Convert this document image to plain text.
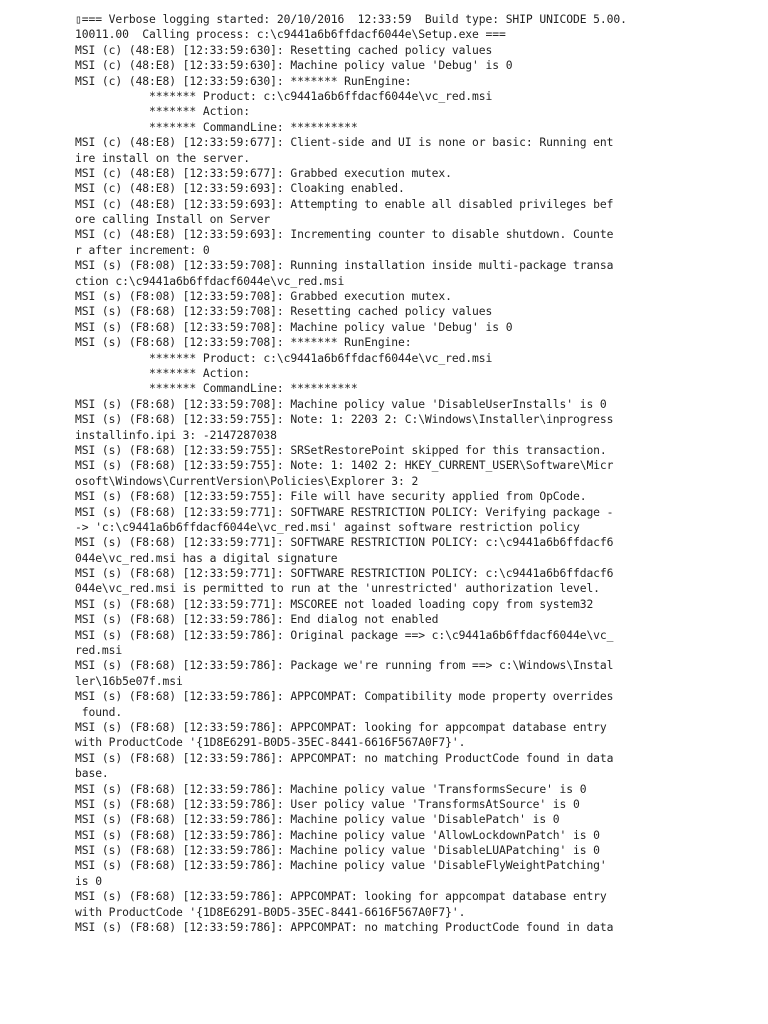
▯=== Verbose logging started: 20/10/2016  12:33:59  Build type: SHIP UNICODE 5.00.
10011.00  Calling process: c:\c9441a6b6ffdacf6044e\Setup.exe ===
MSI (c) (48:E8) [12:33:59:630]: Resetting cached policy values
MSI (c) (48:E8) [12:33:59:630]: Machine policy value 'Debug' is 0
MSI (c) (48:E8) [12:33:59:630]: ******* RunEngine:
******* Product: c:\c9441a6b6ffdacf6044e\vc_red.msi
******* Action:
******* CommandLine: **********
MSI (c) (48:E8) [12:33:59:677]: Client-side and UI is none or basic: Running ent
ire install on the server.
MSI (c) (48:E8) [12:33:59:677]: Grabbed execution mutex.
MSI (c) (48:E8) [12:33:59:693]: Cloaking enabled.
MSI (c) (48:E8) [12:33:59:693]: Attempting to enable all disabled privileges bef
ore calling Install on Server
MSI (c) (48:E8) [12:33:59:693]: Incrementing counter to disable shutdown. Counte
r after increment: 0
MSI (s) (F8:08) [12:33:59:708]: Running installation inside multi-package transa
ction c:\c9441a6b6ffdacf6044e\vc_red.msi
MSI (s) (F8:08) [12:33:59:708]: Grabbed execution mutex.
MSI (s) (F8:68) [12:33:59:708]: Resetting cached policy values
MSI (s) (F8:68) [12:33:59:708]: Machine policy value 'Debug' is 0
MSI (s) (F8:68) [12:33:59:708]: ******* RunEngine:
******* Product: c:\c9441a6b6ffdacf6044e\vc_red.msi
******* Action:
******* CommandLine: **********
MSI (s) (F8:68) [12:33:59:708]: Machine policy value 'DisableUserInstalls' is 0
MSI (s) (F8:68) [12:33:59:755]: Note: 1: 2203 2: C:\Windows\Installer\inprogress
installinfo.ipi 3: -2147287038
MSI (s) (F8:68) [12:33:59:755]: SRSetRestorePoint skipped for this transaction.
MSI (s) (F8:68) [12:33:59:755]: Note: 1: 1402 2: HKEY_CURRENT_USER\Software\Micr
osoft\Windows\CurrentVersion\Policies\Explorer 3: 2
MSI (s) (F8:68) [12:33:59:755]: File will have security applied from OpCode.
MSI (s) (F8:68) [12:33:59:771]: SOFTWARE RESTRICTION POLICY: Verifying package -
-> 'c:\c9441a6b6ffdacf6044e\vc_red.msi' against software restriction policy
MSI (s) (F8:68) [12:33:59:771]: SOFTWARE RESTRICTION POLICY: c:\c9441a6b6ffdacf6
044e\vc_red.msi has a digital signature
MSI (s) (F8:68) [12:33:59:771]: SOFTWARE RESTRICTION POLICY: c:\c9441a6b6ffdacf6
044e\vc_red.msi is permitted to run at the 'unrestricted' authorization level.
MSI (s) (F8:68) [12:33:59:771]: MSCOREE not loaded loading copy from system32
MSI (s) (F8:68) [12:33:59:786]: End dialog not enabled
MSI (s) (F8:68) [12:33:59:786]: Original package ==> c:\c9441a6b6ffdacf6044e\vc_
red.msi
MSI (s) (F8:68) [12:33:59:786]: Package we're running from ==> c:\Windows\Instal
ler\16b5e07f.msi
MSI (s) (F8:68) [12:33:59:786]: APPCOMPAT: Compatibility mode property overrides
found.
MSI (s) (F8:68) [12:33:59:786]: APPCOMPAT: looking for appcompat database entry
with ProductCode '{1D8E6291-B0D5-35EC-8441-6616F567A0F7}'.
MSI (s) (F8:68) [12:33:59:786]: APPCOMPAT: no matching ProductCode found in data
base.
MSI (s) (F8:68) [12:33:59:786]: Machine policy value 'TransformsSecure' is 0
MSI (s) (F8:68) [12:33:59:786]: User policy value 'TransformsAtSource' is 0
MSI (s) (F8:68) [12:33:59:786]: Machine policy value 'DisablePatch' is 0
MSI (s) (F8:68) [12:33:59:786]: Machine policy value 'AllowLockdownPatch' is 0
MSI (s) (F8:68) [12:33:59:786]: Machine policy value 'DisableLUAPatching' is 0
MSI (s) (F8:68) [12:33:59:786]: Machine policy value 'DisableFlyWeightPatching'
is 0
MSI (s) (F8:68) [12:33:59:786]: APPCOMPAT: looking for appcompat database entry
with ProductCode '{1D8E6291-B0D5-35EC-8441-6616F567A0F7}'.
MSI (s) (F8:68) [12:33:59:786]: APPCOMPAT: no matching ProductCode found in data
